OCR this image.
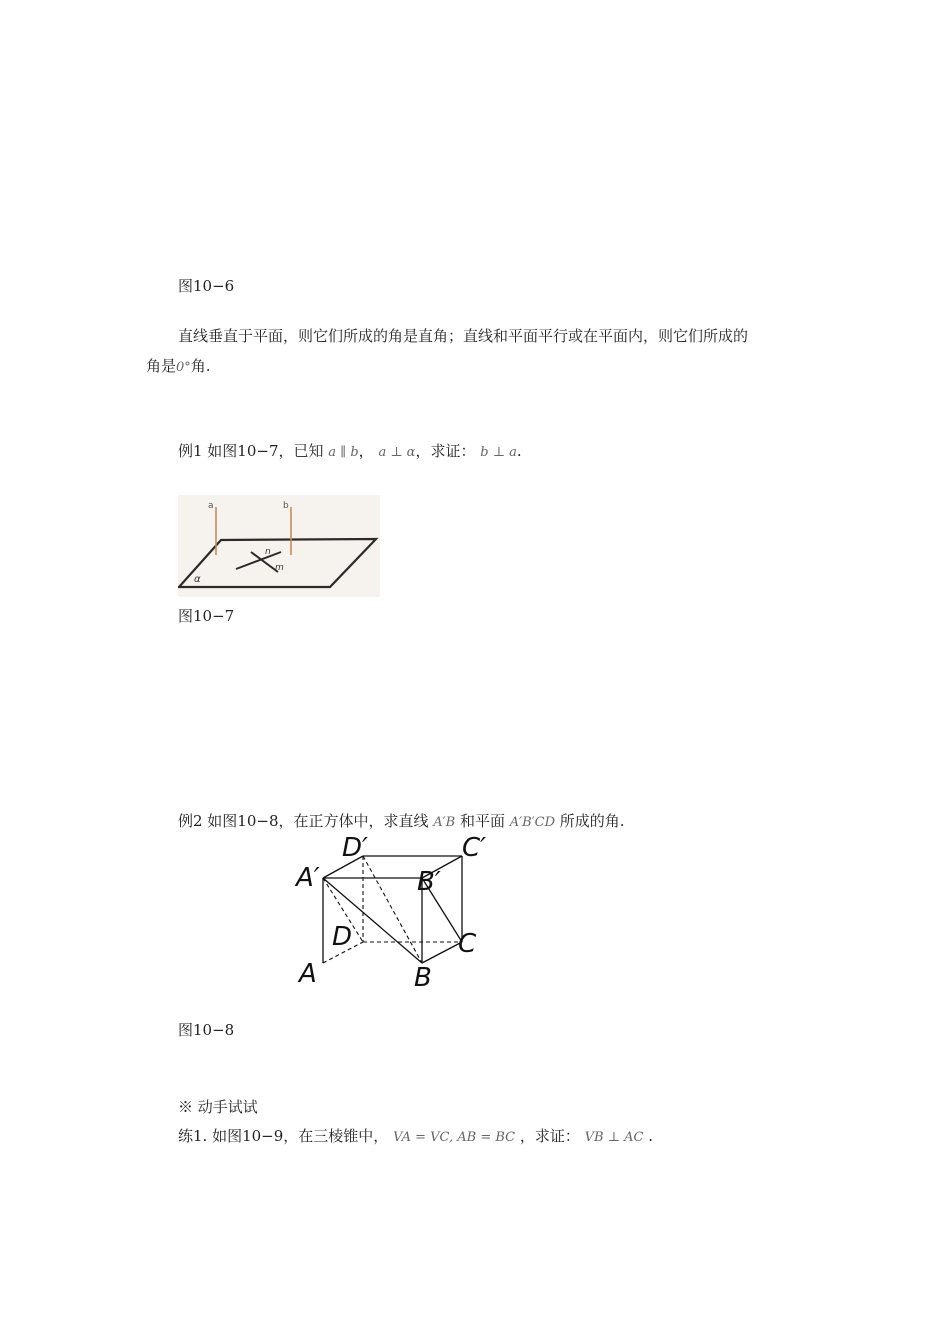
图10−6
直线垂直于平面，则它们所成的角是直角；直线和平面平行或在平面内，则它们所成的
角是0°角.
例1 如图10−7，已知 a ∥ b， a ⊥ α，求证： b ⊥ a.
a	b
n
m
α
图10−7
例2 如图10−8，在正方体中，求直线 A′B 和平面 A′B′CD 所成的角.
A′
D′	C′
B′
D	C
A	B
图10−8
※ 动手试试
练1. 如图10−9，在三棱锥中， VA = VC, AB = BC ，求证： VB ⊥ AC .
